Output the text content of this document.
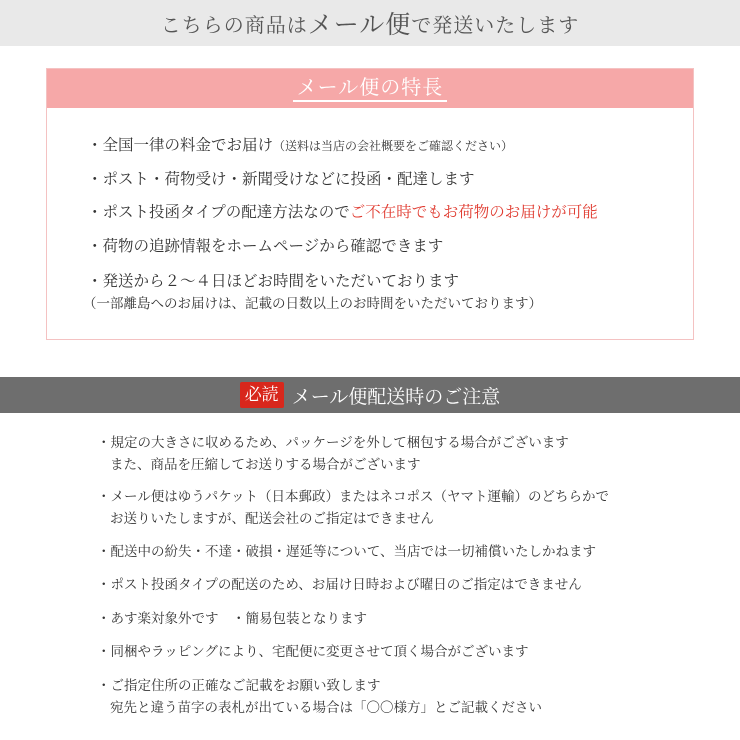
こちらの商品は メール便 で発送いたします
メール便の特長
・全国一律の料金でお届け（送料は当店の会社概要をご確認ください）
・ポスト・荷物受け・新聞受けなどに投函・配達します
・ポスト投函タイプの配達方法なのでご不在時でもお荷物のお届けが可能
・荷物の追跡情報をホームページから確認できます
・発送から２～４日ほどお時間をいただいております
（一部離島へのお届けは、記載の日数以上のお時間をいただいております）
必読 メール便配送時のご注意
・規定の大きさに収めるため、パッケージを外して梱包する場合がございます
また、商品を圧縮してお送りする場合がございます
・メール便はゆうパケット（日本郵政）またはネコポス（ヤマト運輸）のどちらかで
お送りいたしますが、配送会社のご指定はできません
・配送中の紛失・不達・破損・遅延等について、当店では一切補償いたしかねます
・ポスト投函タイプの配送のため、お届け日時および曜日のご指定はできません
・あす楽対象外です　・簡易包装となります
・同梱やラッピングにより、宅配便に変更させて頂く場合がございます
・ご指定住所の正確なご記載をお願い致します
宛先と違う苗字の表札が出ている場合は「〇〇様方」とご記載ください
